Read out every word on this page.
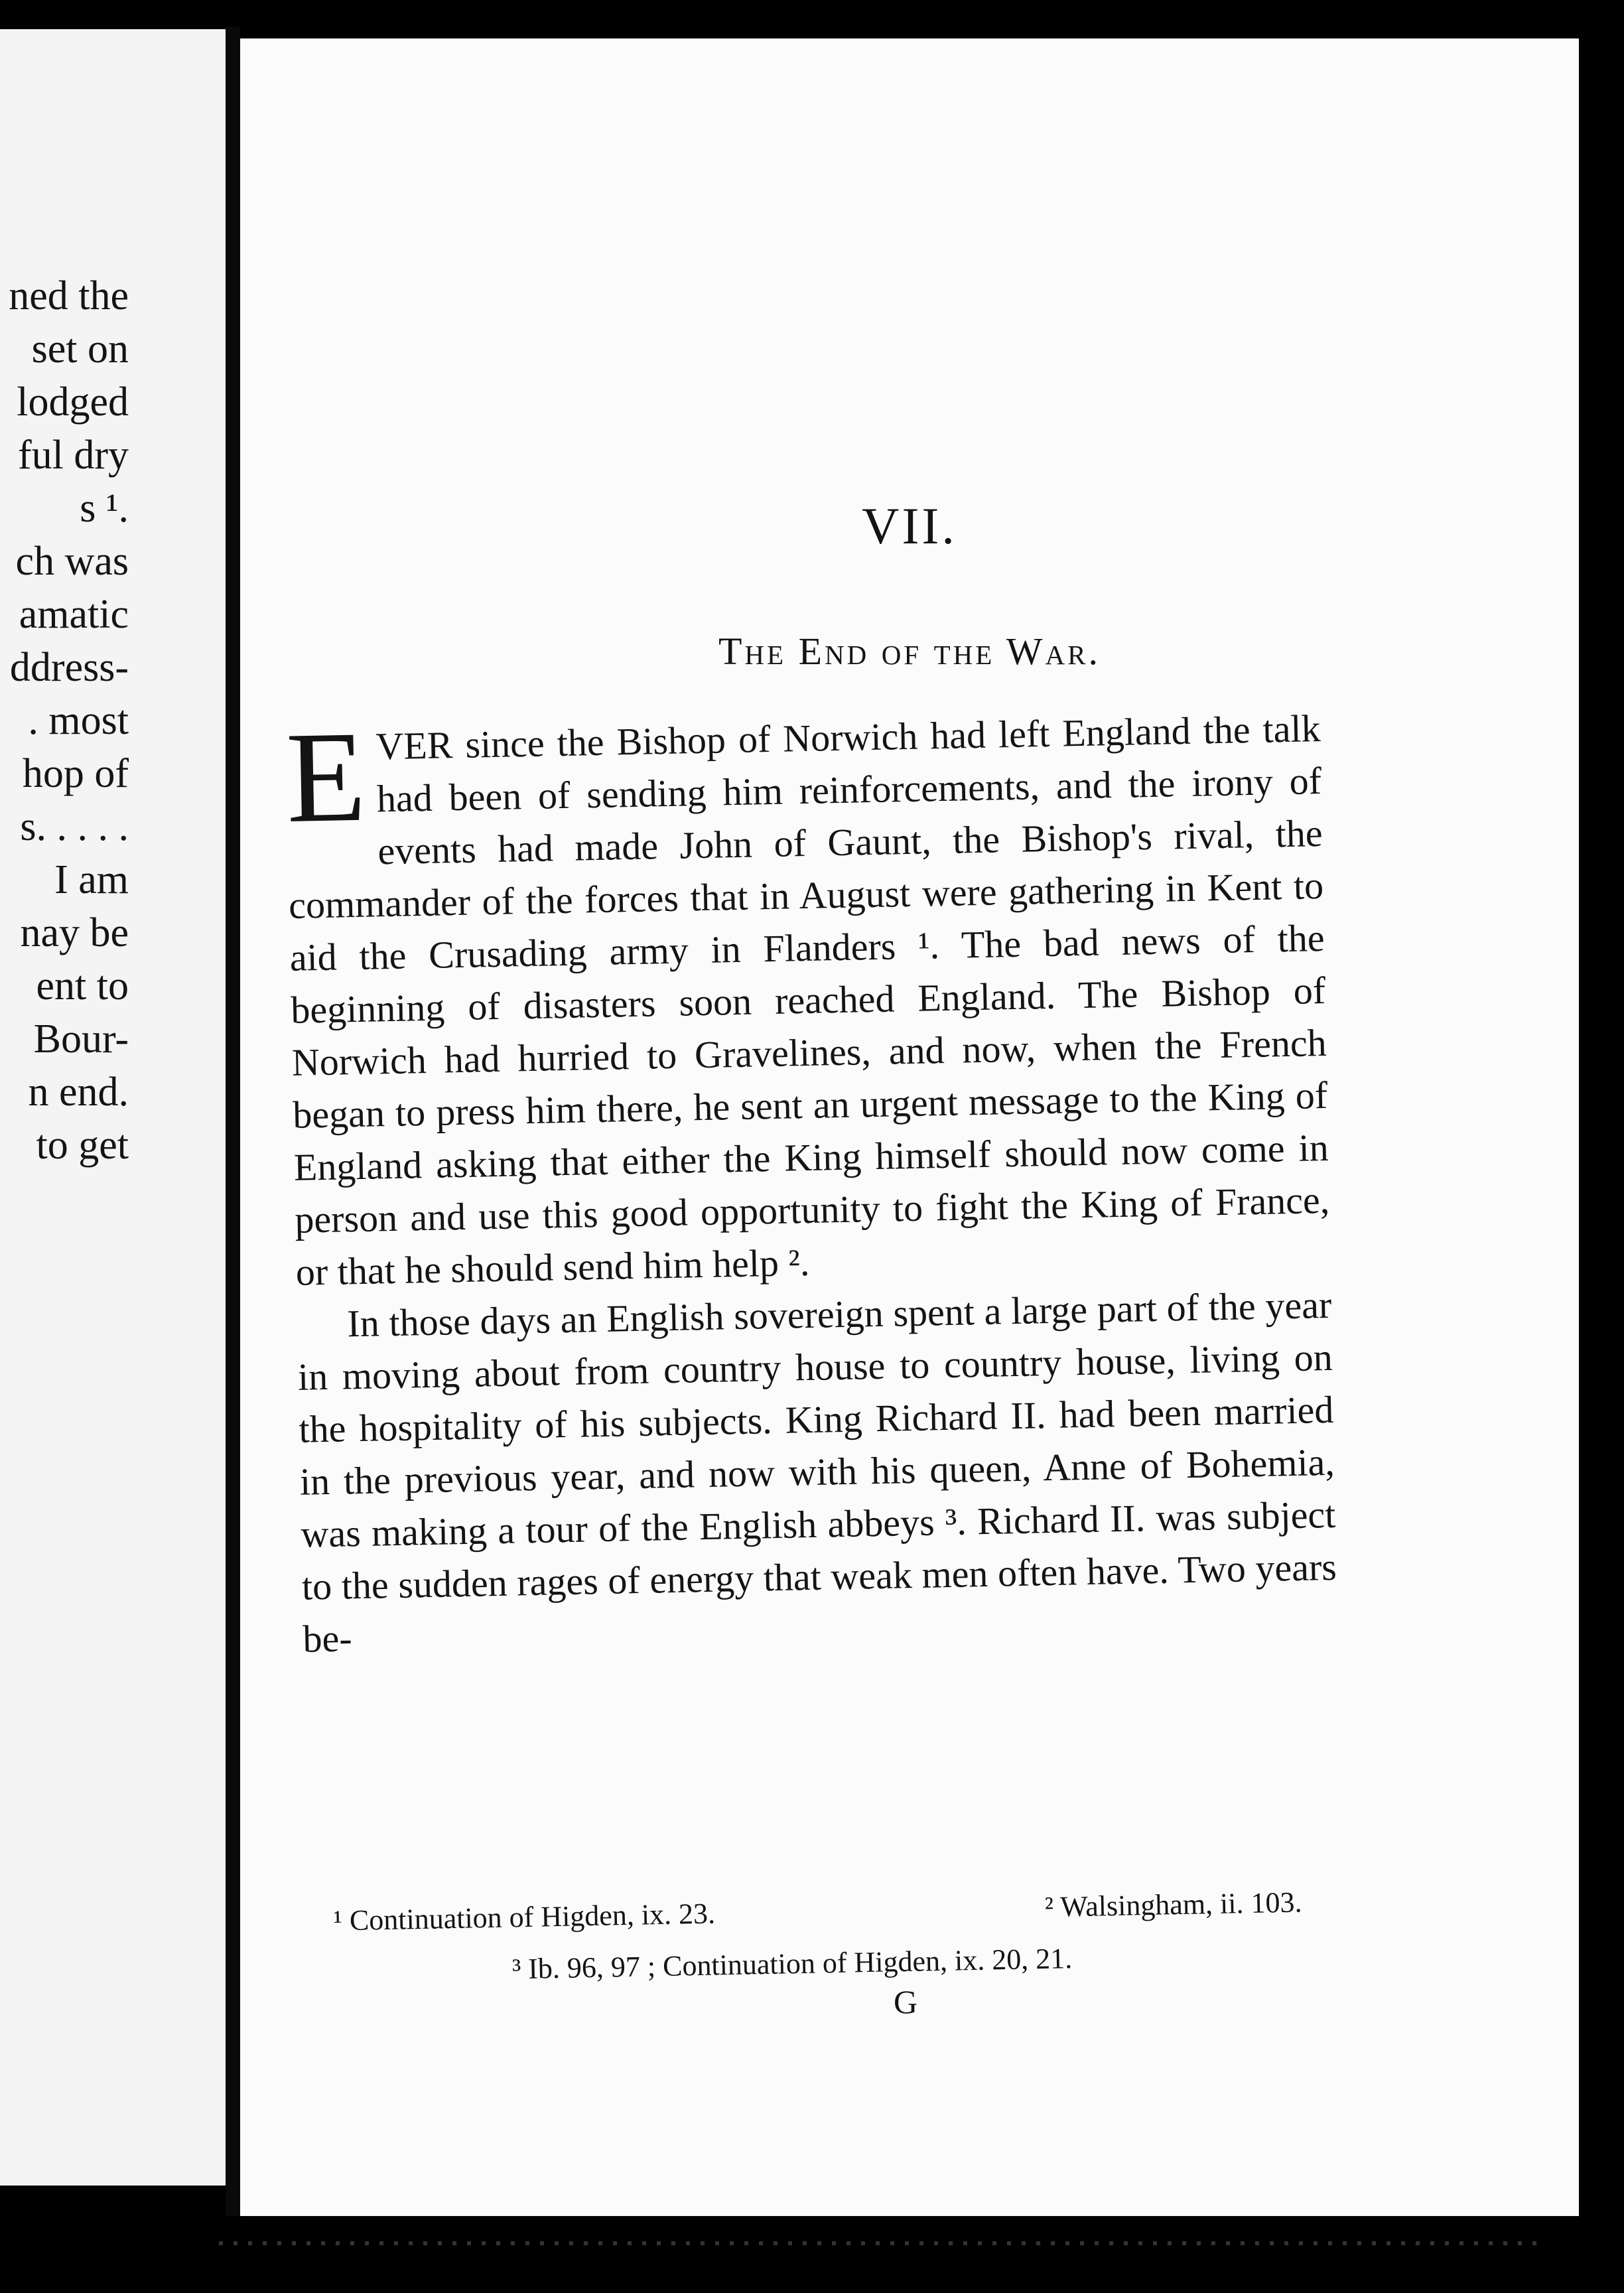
ned the
set on
lodged
ful dry
s ¹.
ch was
amatic
ddress-
. most
hop of
s. . . . .
I am
nay be
ent to
Bour-
n end.
to get
VII.
The End of the War.

EVER since the Bishop of Norwich had left England the talk had been of sending him reinforcements, and the irony of events had made John of Gaunt, the Bishop's rival, the commander of the forces that in August were gathering in Kent to aid the Crusading army in Flanders ¹. The bad news of the beginning of disasters soon reached England. The Bishop of Norwich had hurried to Gravelines, and now, when the French began to press him there, he sent an urgent message to the King of England asking that either the King himself should now come in person and use this good opportunity to fight the King of France, or that he should send him help ².

In those days an English sovereign spent a large part of the year in moving about from country house to country house, living on the hospitality of his subjects. King Richard II. had been married in the previous year, and now with his queen, Anne of Bohemia, was making a tour of the English abbeys ³. Richard II. was subject to the sudden rages of energy that weak men often have. Two years be-

¹ Continuation of Higden, ix. 23.	² Walsingham, ii. 103.
³ Ib. 96, 97 ; Continuation of Higden, ix. 20, 21.
G
